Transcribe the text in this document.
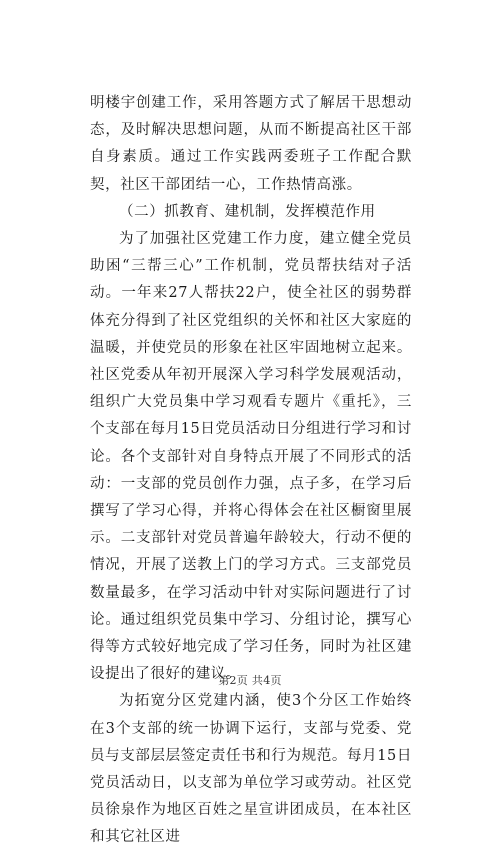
明楼宇创建工作，采用答题方式了解居干思想动态，及时解决思想问题，从而不断提高社区干部自身素质。通过工作实践两委班子工作配合默契，社区干部团结一心，工作热情高涨。

（二）抓教育、建机制，发挥模范作用

为了加强社区党建工作力度，建立健全党员助困“三帮三心”工作机制，党员帮扶结对子活动。一年来27人帮扶22户，使全社区的弱势群体充分得到了社区党组织的关怀和社区大家庭的温暖，并使党员的形象在社区牢固地树立起来。社区党委从年初开展深入学习科学发展观活动，组织广大党员集中学习观看专题片《重托》，三个支部在每月15日党员活动日分组进行学习和讨论。各个支部针对自身特点开展了不同形式的活动：一支部的党员创作力强，点子多，在学习后撰写了学习心得，并将心得体会在社区橱窗里展示。二支部针对党员普遍年龄较大，行动不便的情况，开展了送教上门的学习方式。三支部党员数量最多，在学习活动中针对实际问题进行了讨论。通过组织党员集中学习、分组讨论，撰写心得等方式较好地完成了学习任务，同时为社区建设提出了很好的建议。

为拓宽分区党建内涵，使3个分区工作始终在3个支部的统一协调下运行，支部与党委、党员与支部层层签定责任书和行为规范。每月15日党员活动日，以支部为单位学习或劳动。社区党员徐泉作为地区百姓之星宣讲团成员，在本社区和其它社区进

第2页 共4页
